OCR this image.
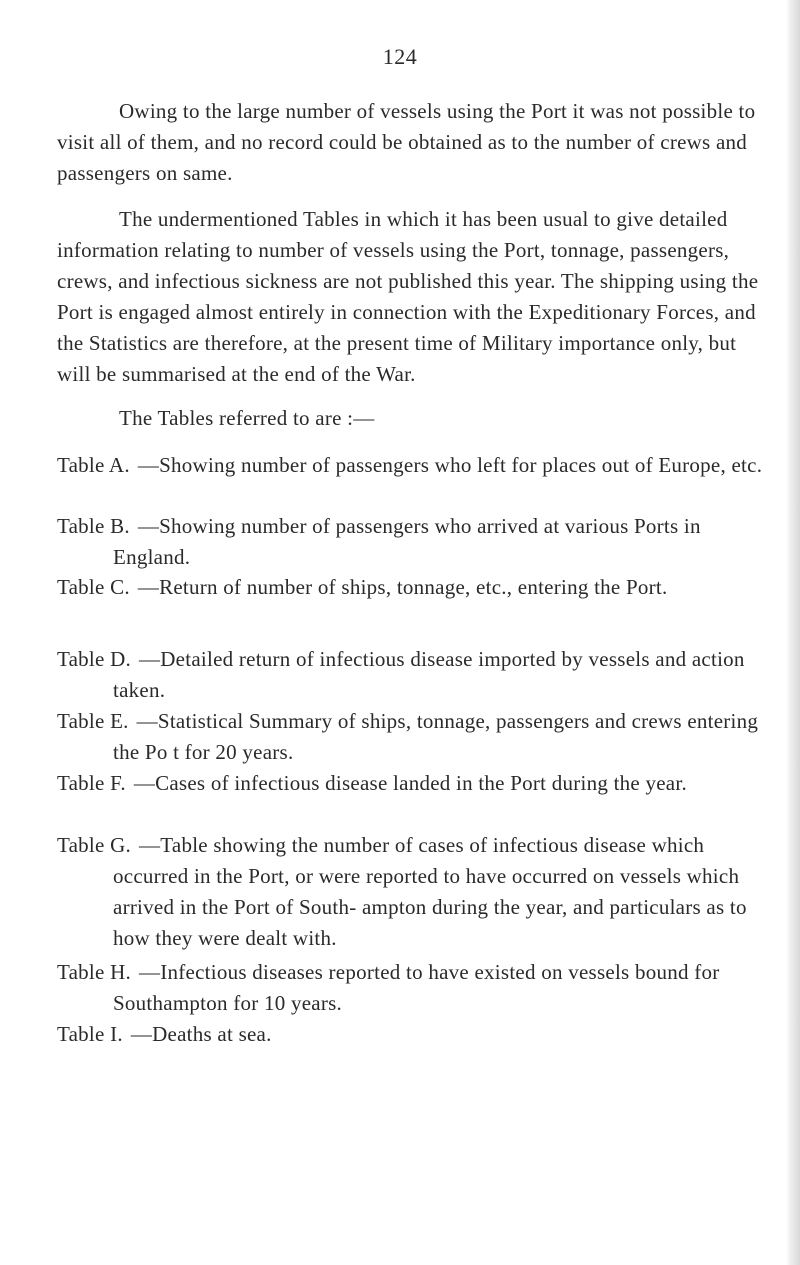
124

Owing to the large number of vessels using the Port it was not possible to visit all of them, and no record could be obtained as to the number of crews and passengers on same.

The undermentioned Tables in which it has been usual to give detailed information relating to number of vessels using the Port, tonnage, passengers, crews, and infectious sickness are not published this year. The shipping using the Port is engaged almost entirely in connection with the Expeditionary Forces, and the Statistics are therefore, at the present time of Military importance only, but will be summarised at the end of the War.

The Tables referred to are :—

Table A. —Showing number of passengers who left for places out of Europe, etc.
Table B. —Showing number of passengers who arrived at various Ports in England.
Table C. —Return of number of ships, tonnage, etc., entering the Port.
Table D. —Detailed return of infectious disease imported by vessels and action taken.
Table E. —Statistical Summary of ships, tonnage, passengers and crews entering the Po t for 20 years.
Table F. —Cases of infectious disease landed in the Port during the year.
Table G. —Table showing the number of cases of infectious disease which occurred in the Port, or were reported to have occurred on vessels which arrived in the Port of South- ampton during the year, and particulars as to how they were dealt with.
Table H. —Infectious diseases reported to have existed on vessels bound for Southampton for 10 years.
Table I. —Deaths at sea.
